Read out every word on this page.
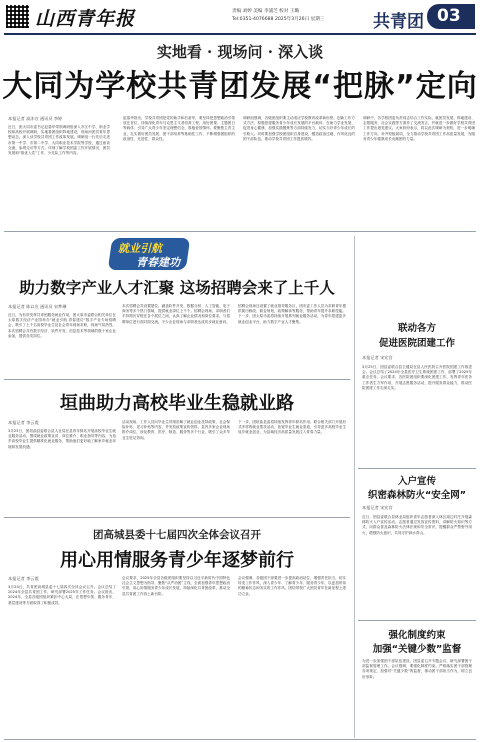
山西青年报	责编 刘婷 美编 李浦芝 校对 王璐
Tel:0351-4076688 2025年3月26日 星期三	共青团 03
实地看 · 现场问 · 深入谈
大同为学校共青团发展“把脉”定向
本报记者 高沐宣 通讯员 李婷
近日，团大同市委书记赵慕华带领调研组深入市区中学、职业学校和高校开展调研，实地看团组织阵地建设，现场问团员青年思想动态，深入谈学校共青团工作改革发展。调研组一行先后走进市第一中学、市第二中学、大同职业技术学院等学校，通过座谈交流、参观走访等方式，详细了解学校团委工作开展情况、团员发展和“推优入党”工作、少先队工作等内容。
赵慕华指出，学校共青团是党的助手和后备军，要坚持把思想政治引领放在首位，持续深化青年马克思主义者培养工程，用好团课、主题团日等载体，引导广大青少年坚定理想信念、厚植爱国情怀。要聚焦主责主业，扎实做好团员发展、团干部培养等基础性工作，不断增强团组织的政治性、先进性、群众性。
调研组强调，各级团组织要主动适应学校教育改革新形势，创新工作方式方法，积极搭建服务青少年成长发展的平台载体，在助力学业发展、促进身心健康、加强实践锻炼等方面持续发力，切实当好青少年成长的引路人。同时要加强学校团组织自身建设，锻造政治过硬、作风优良的团干部队伍，推动学校共青团工作提质增效。
调研中，各学校团委负责同志结合工作实际，就团员发展、阵地建设、志愿服务、社会实践等方面作了交流发言，并就进一步做好学校共青团工作提出意见建议。大家纷纷表示，将以此次调研为契机，进一步明确工作方向，补齐短板弱项，全力推动学校共青团工作高质量发展，为服务青少年健康成长贡献团的力量。
就业引航
青春建功
助力数字产业人才汇聚 这场招聘会来了上千人
本报记者 陈以宣 通讯员 宋梦琳
近日，为有效发挥共青团服务就业作用，团太原市委联合相关单位在太原数字经济产业园举办“就业引航 青春建功”数字产业专场招聘会，吸引了上千名高校毕业生及社会青年到场求职，现场气氛热烈。本次招聘会共有数字经济、软件开发、信息技术等领域的数十家企业参加，提供各类岗位。
本次招聘会共设置展位，涵盖软件开发、数据分析、人工智能、电子商务等多个热门领域，提供就业岗位上千个。招聘会现场，求职者们手持简历穿梭在各个展位之间，认真了解企业情况和岗位要求，与招聘单位进行面对面交流。不少企业现场与求职者达成初步就业意向。
招聘会现场还设置了就业指导服务区，团市委工作人员为求职青年提供简历修改、职业规划、政策解读等服务，帮助青年提升求职技能。下一步，团太原市委将持续开展系列就业服务活动，为青年搭建更多就业创业平台，助力数字产业人才聚集。
垣曲助力高校毕业生稳就业路
本报记者 李云霞
3月25日，团垣曲县委联合县人社局在县青年驿站开展高校毕业生就业服务活动，围绕就业政策宣讲、岗位推介、职业指导等内容，为返乡高校毕业生提供精准化就业服务，帮助他们更好地了解家乡就业环境和发展机遇。
活动现场，工作人员向毕业生详细讲解了就业创业扶持政策、社会保险补贴、见习补贴等内容，并发放政策宣传资料。县内多家企业现场推介岗位，涉及教育、医疗、制造、服务等多个行业，吸引了众多毕业生驻足咨询。
下一步，团垣曲县委将持续发挥青年驿站作用，联合相关部门开展形式多样的就业帮扶活动，拓宽毕业生就业渠道，引导更多高校毕业生返乡就业创业，为县域经济高质量发展注入青春力量。
团高城县委十七届四次全体会议召开
用心用情服务青少年逐梦前行
本报记者 李云霞
3月24日，共青团高城县委十七届四次全体会议召开。会议总结了2024年全县共青团工作，研究部署2025年工作任务。会议指出，2024年，全县各级团组织紧扣中心大局，在思想引领、服务青年、基层建设等方面取得了积极成效。
会议要求，2025年全县各级团组织要坚持以习近平新时代中国特色社会主义思想为指导，聚焦“从严治团”主线，全面加强青年思想政治引领，用心用情服务青少年成长发展，持续深化共青团改革，推动全县共青团工作再上新台阶。
会议强调，各级团干部要进一步提高政治站位，增强责任担当，切实转变工作作风，深入青少年、了解青少年、服务青少年，以更加昂扬的精神状态和务实的工作作风，团结带领广大团员青年在新征程上建功立业。
联动各方
促进医院团建工作
本报记者 宋宏宫
3月25日，团县委联合县卫健局在县人民医院召开医院团建工作推进会。会议总结了2024年全县医疗卫生系统团建工作，部署了2025年重点任务。会议要求，各医院团组织要深化团建工作，发挥青年医务工作者生力军作用，开展志愿服务活动，提升服务群众能力，推动医院团建工作走深走实。
入户宣传
织密森林防火“安全网”
本报记者 宋宏宫
近日，团县委联合县林业局组织青年志愿者深入林区周边村庄开展森林防火入户宣传活动。志愿者通过发放宣传资料、讲解防火知识等方式，向群众普及森林防火法律法规和安全常识，提醒群众严禁野外用火，增强防火意识，共同守护绿水青山。
强化制度约束
加强“关键少数”监督
为进一步加强团干部队伍建设，团县委召开专题会议，研究部署团干部监督管理工作。会议强调，要强化制度约束，严格落实团干部管理各项规定，加强对“关键少数”的监督，推动团干部担当作为，树立良好形象。
